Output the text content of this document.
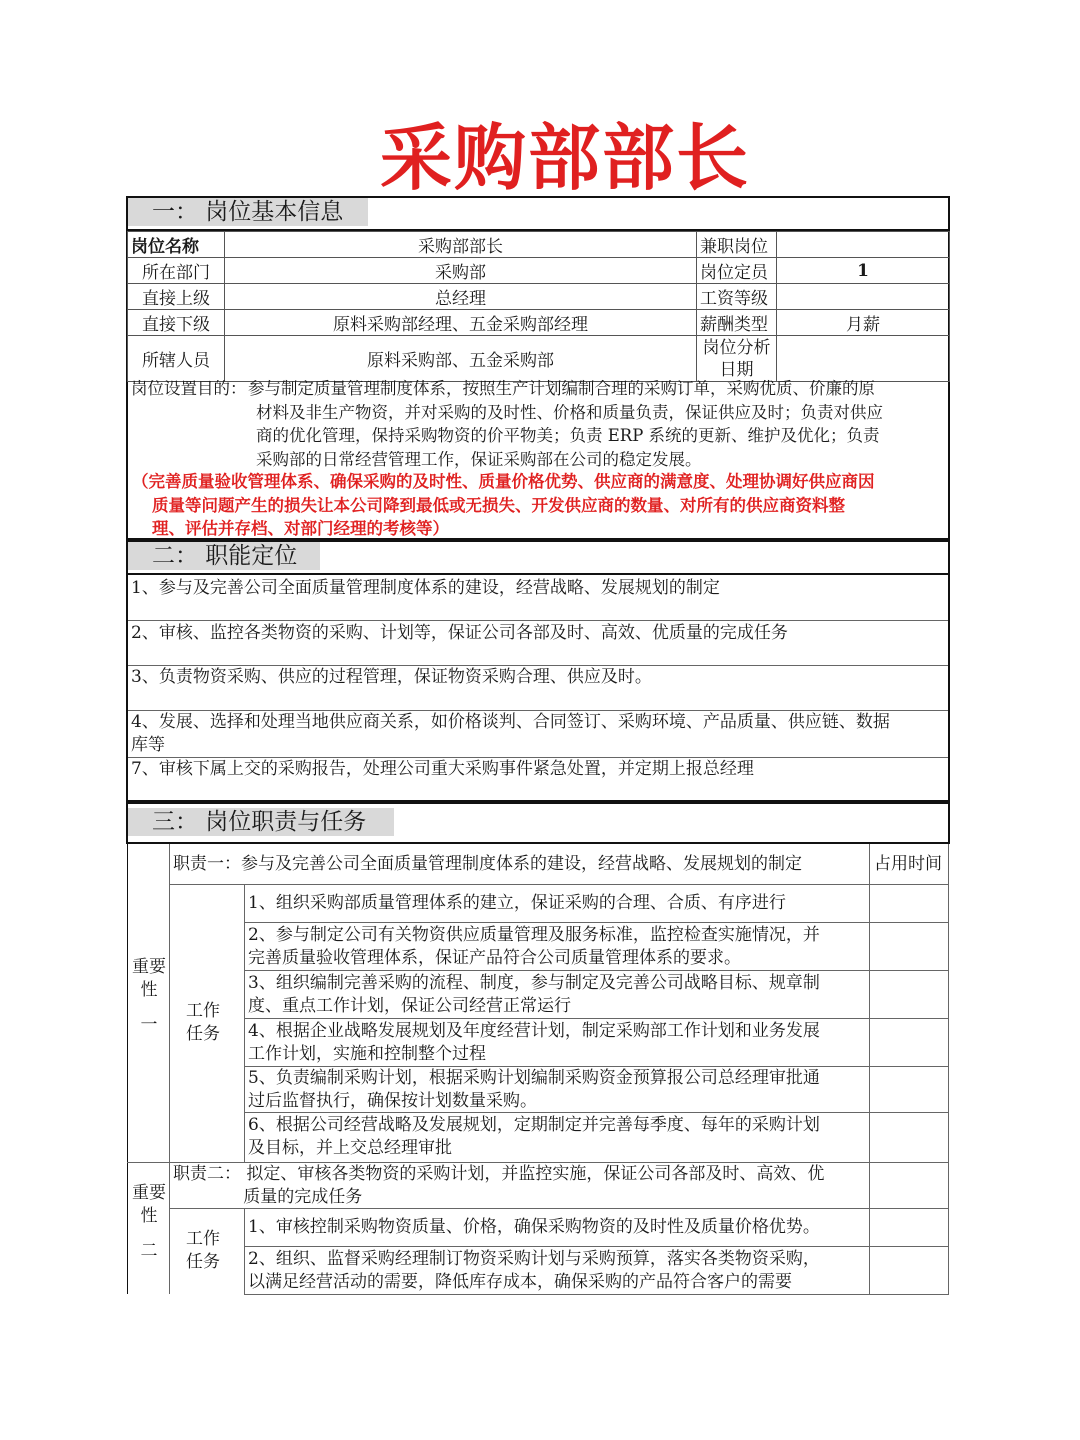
采购部部长
一： 岗位基本信息
岗位名称	采购部部长	兼职岗位	
所在部门	采购部	岗位定员	1
直接上级	总经理	工资等级	
直接下级	原料采购部经理、五金采购部经理	薪酬类型	月薪
所辖人员	原料采购部、五金采购部	岗位分析
日期	
岗位设置目的： 参与制定质量管理制度体系，按照生产计划编制合理的采购订单，采购优质、价廉的原
材料及非生产物资，并对采购的及时性、价格和质量负责，保证供应及时；负责对供应
商的优化管理，保持采购物资的价平物美；负责 ERP 系统的更新、维护及优化；负责
采购部的日常经营管理工作，保证采购部在公司的稳定发展。
（完善质量验收管理体系、确保采购的及时性、质量价格优势、供应商的满意度、处理协调好供应商因
质量等问题产生的损失让本公司降到最低或无损失、开发供应商的数量、对所有的供应商资料整
理、评估并存档、对部门经理的考核等）
二： 职能定位
1、参与及完善公司全面质量管理制度体系的建设，经营战略、发展规划的制定
2、审核、监控各类物资的采购、计划等，保证公司各部及时、高效、优质量的完成任务
3、负责物资采购、供应的过程管理，保证物资采购合理、供应及时。
4、发展、选择和处理当地供应商关系，如价格谈判、合同签订、采购环境、产品质量、供应链、数据
库等
7、审核下属上交的采购报告，处理公司重大采购事件紧急处置，并定期上报总经理
三： 岗位职责与任务
职责一：参与及完善公司全面质量管理制度体系的建设，经营战略、发展规划的制定	占用时间
重要
性
一
工作
任务
1、组织采购部质量管理体系的建立，保证采购的合理、合质、有序进行
2、参与制定公司有关物资供应质量管理及服务标准，监控检查实施情况，并
完善质量验收管理体系，保证产品符合公司质量管理体系的要求。
3、组织编制完善采购的流程、制度，参与制定及完善公司战略目标、规章制
度、重点工作计划，保证公司经营正常运行
4、根据企业战略发展规划及年度经营计划，制定采购部工作计划和业务发展
工作计划，实施和控制整个过程
5、负责编制采购计划，根据采购计划编制采购资金预算报公司总经理审批通
过后监督执行，确保按计划数量采购。
6、根据公司经营战略及发展规划，定期制定并完善每季度、每年的采购计划
及目标，并上交总经理审批
职责二： 拟定、审核各类物资的采购计划，并监控实施，保证公司各部及时、高效、优
质量的完成任务
重要
性
二
工作
任务
1、审核控制采购物资质量、价格，确保采购物资的及时性及质量价格优势。
2、组织、监督采购经理制订物资采购计划与采购预算，落实各类物资采购，
以满足经营活动的需要，降低库存成本，确保采购的产品符合客户的需要
